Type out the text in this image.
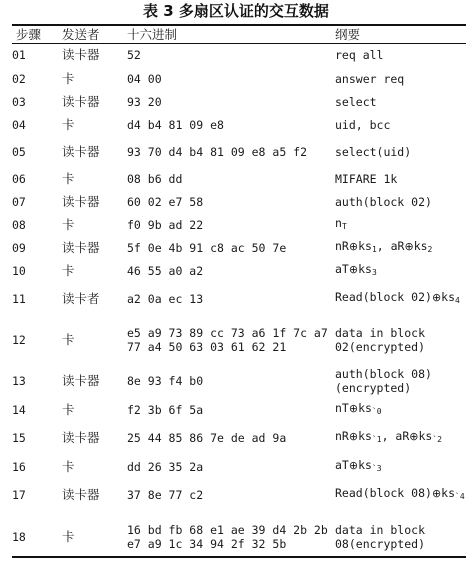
表 3 多扇区认证的交互数据
步骤	发送者	十六进制	纲要
01	读卡器	52	req all
02	卡	04 00	answer req
03	读卡器	93 20	select
04	卡	d4 b4 81 09 e8	uid, bcc
05	读卡器	93 70 d4 b4 81 09 e8 a5 f2	select(uid)
06	卡	08 b6 dd	MIFARE 1k
07	读卡器	60 02 e7 58	auth(block 02)
08	卡	f0 9b ad 22	$n_T$
09	读卡器	5f 0e 4b 91 c8 ac 50 7e	$nR\oplus ks_1$, $aR\oplus ks_2$
10	卡	46 55 a0 a2	$aT\oplus ks_3$
11	读卡者	a2 0a ec 13	Read(block $02)\oplus ks_4$
12	卡	e5 a9 73 89 cc 73 a6 1f 7c a7 77 a4 50 63 03 61 62 21	data in block 02(encrypted)
13	读卡器	8e 93 f4 b0	auth(block 08) (encrypted)
14	卡	f2 3b 6f 5a	$nT\oplus ks_{`0}$
15	读卡器	25 44 85 86 7e de ad 9a	$nR\oplus ks_{`1}$, $aR\oplus ks_{`2}$
16	卡	dd 26 35 2a	$aT\oplus ks_{`3}$
17	读卡器	37 8e 77 c2	Read(block $08)\oplus ks_{`4}$
18	卡	16 bd fb 68 e1 ae 39 d4 2b 2b e7 a9 1c 34 94 2f 32 5b	data in block 08(encrypted)
